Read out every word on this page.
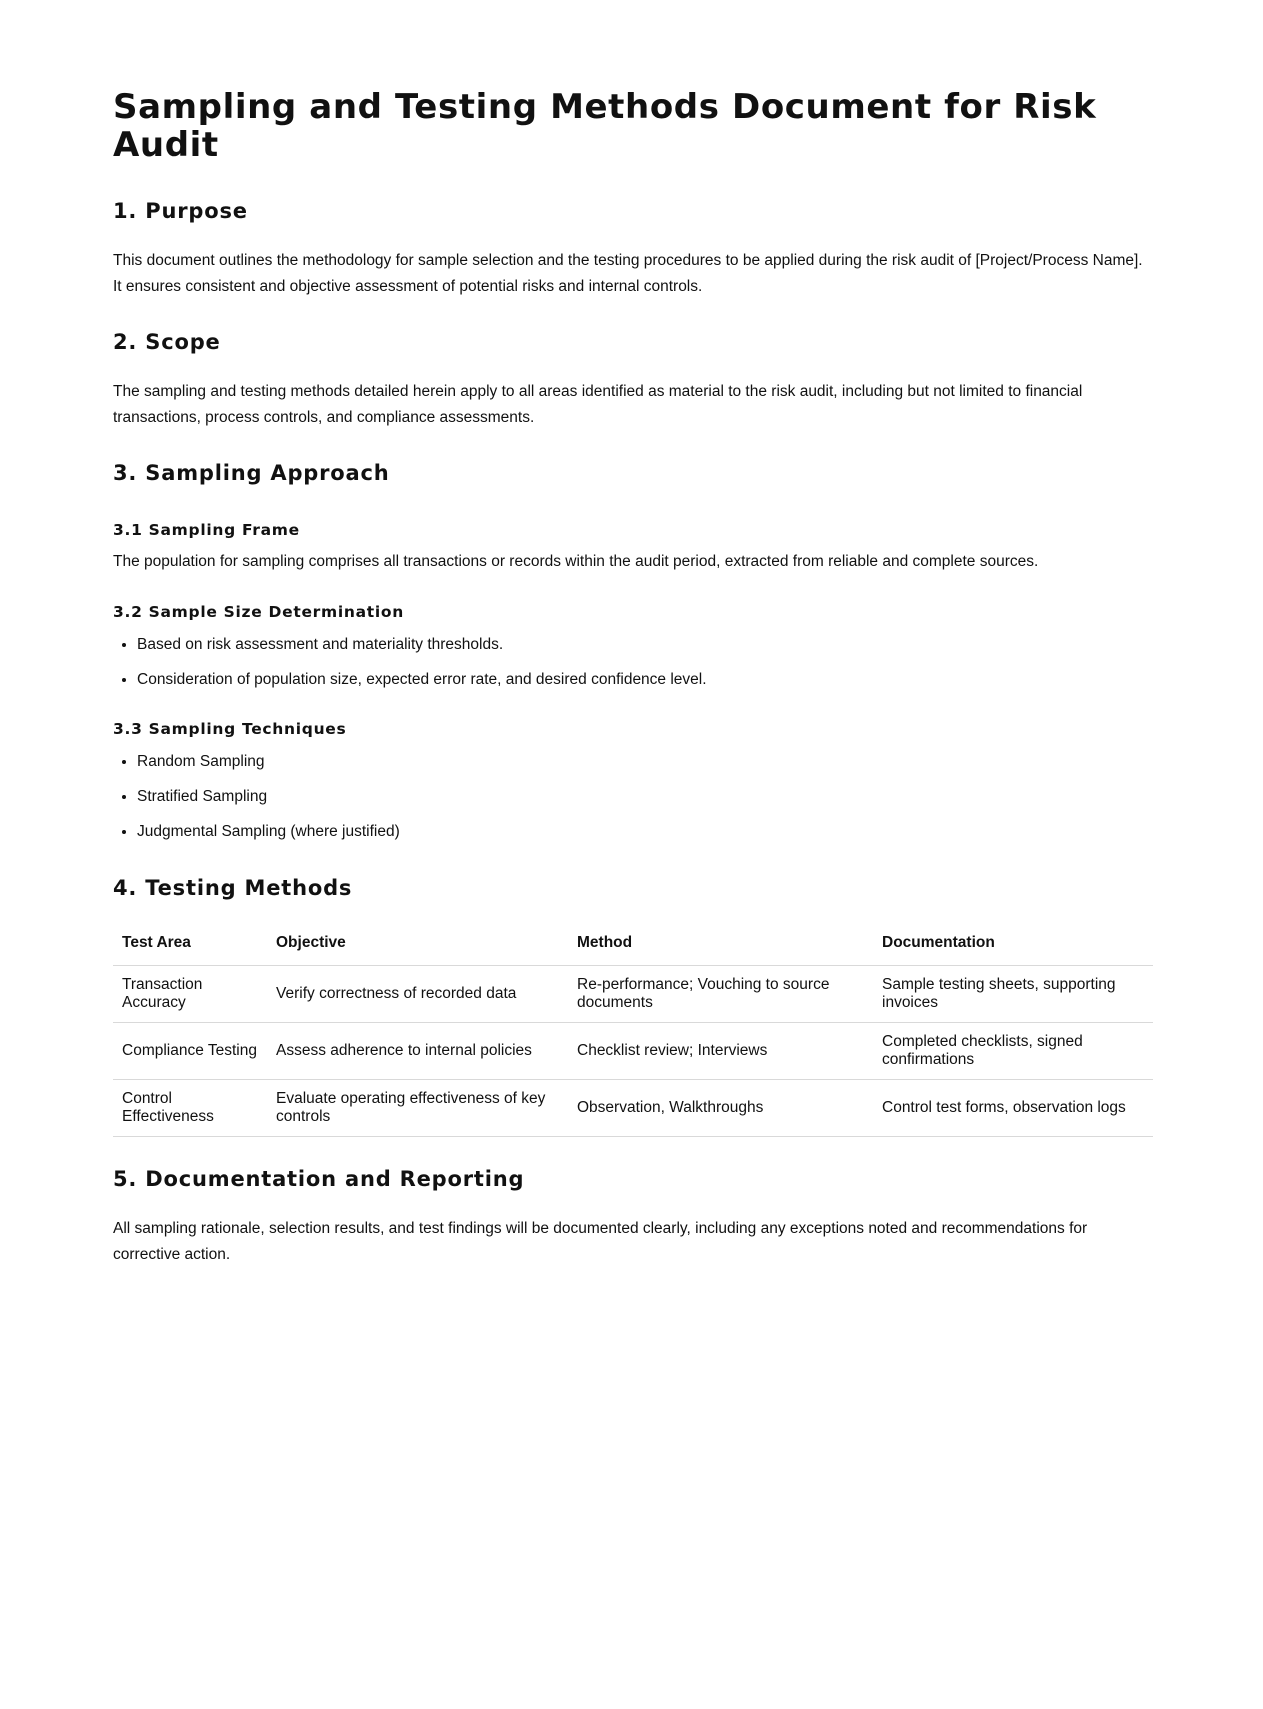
Sampling and Testing Methods Document for Risk Audit
1. Purpose

This document outlines the methodology for sample selection and the testing procedures to be applied during the risk audit of [Project/Process Name]. It ensures consistent and objective assessment of potential risks and internal controls.

2. Scope

The sampling and testing methods detailed herein apply to all areas identified as material to the risk audit, including but not limited to financial transactions, process controls, and compliance assessments.

3. Sampling Approach
3.1 Sampling Frame

The population for sampling comprises all transactions or records within the audit period, extracted from reliable and complete sources.

3.2 Sample Size Determination
• Based on risk assessment and materiality thresholds.
• Consideration of population size, expected error rate, and desired confidence level.
3.3 Sampling Techniques
• Random Sampling
• Stratified Sampling
• Judgmental Sampling (where justified)
4. Testing Methods
Test Area	Objective	Method	Documentation
Transaction Accuracy	Verify correctness of recorded data	Re-performance; Vouching to source documents	Sample testing sheets, supporting invoices
Compliance Testing	Assess adherence to internal policies	Checklist review; Interviews	Completed checklists, signed confirmations
Control Effectiveness	Evaluate operating effectiveness of key controls	Observation, Walkthroughs	Control test forms, observation logs
5. Documentation and Reporting

All sampling rationale, selection results, and test findings will be documented clearly, including any exceptions noted and recommendations for corrective action.
